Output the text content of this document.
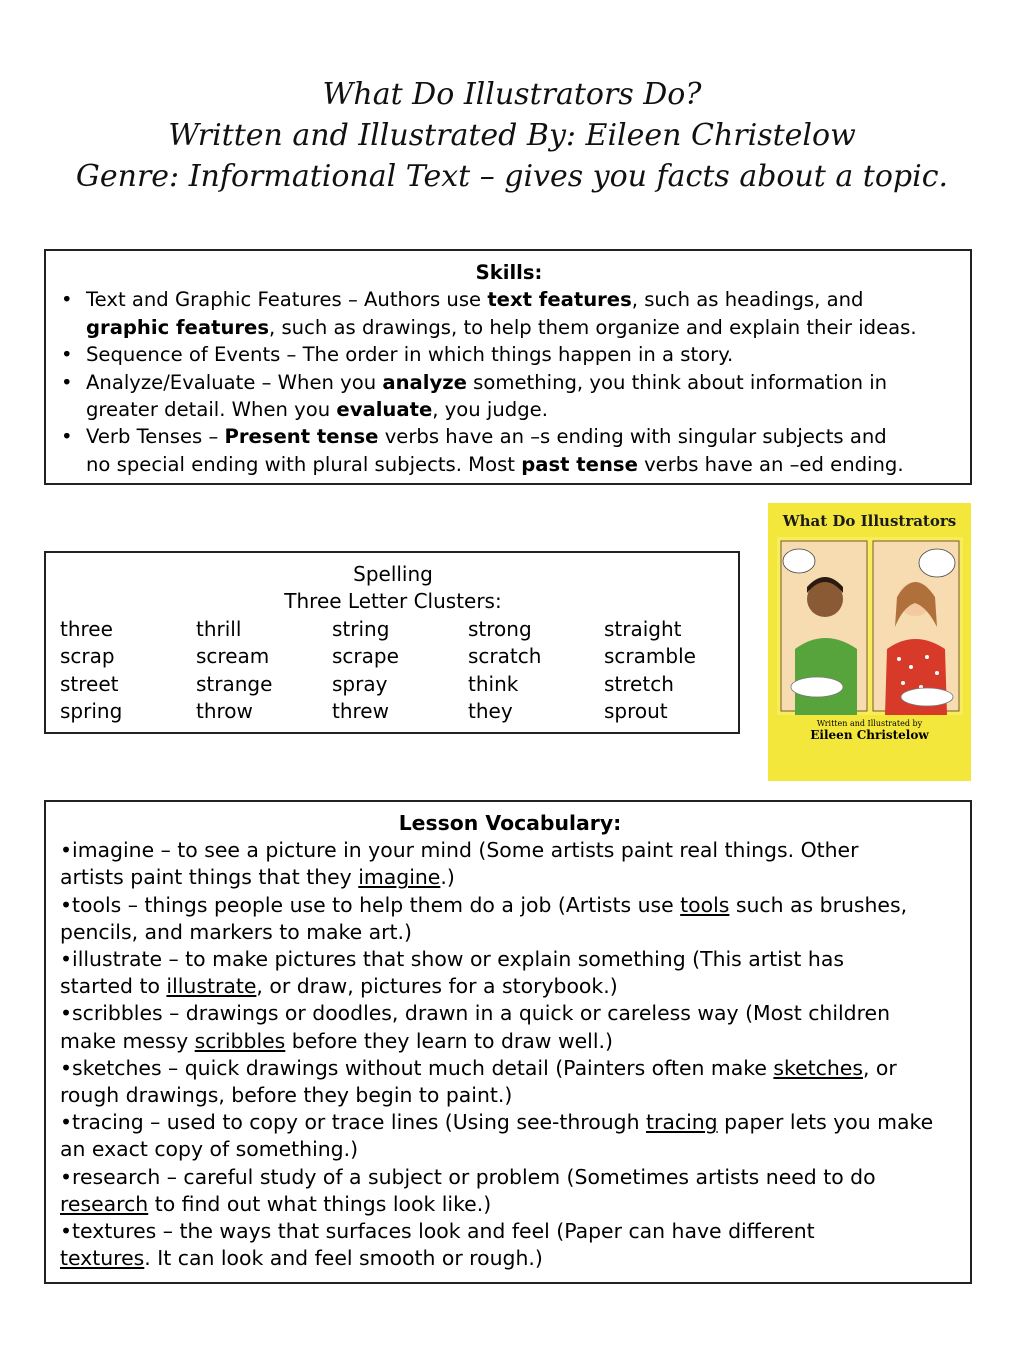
What Do Illustrators Do?
Written and Illustrated By: Eileen Christelow
Genre: Informational Text – gives you facts about a topic.
Skills:
• Text and Graphic Features – Authors use text features, such as headings, and
graphic features, such as drawings, to help them organize and explain their ideas.
• Sequence of Events – The order in which things happen in a story.
• Analyze/Evaluate – When you analyze something, you think about information in
greater detail. When you evaluate, you judge.
• Verb Tenses – Present tense verbs have an –s ending with singular subjects and
no special ending with plural subjects. Most past tense verbs have an –ed ending.
Spelling
Three Letter Clusters:
three	thrill	string	strong	straight
scrap	scream	scrape	scratch	scramble
street	strange	spray	think	stretch
spring	throw	threw	they	sprout
What Do Illustrators
Written and Illustrated by
Eileen Christelow
Lesson Vocabulary:
•imagine – to see a picture in your mind (Some artists paint real things. Other
artists paint things that they imagine.)
•tools – things people use to help them do a job (Artists use tools such as brushes,
pencils, and markers to make art.)
•illustrate – to make pictures that show or explain something (This artist has
started to illustrate, or draw, pictures for a storybook.)
•scribbles – drawings or doodles, drawn in a quick or careless way (Most children
make messy scribbles before they learn to draw well.)
•sketches – quick drawings without much detail (Painters often make sketches, or
rough drawings, before they begin to paint.)
•tracing – used to copy or trace lines (Using see-through tracing paper lets you make
an exact copy of something.)
•research – careful study of a subject or problem (Sometimes artists need to do
research to find out what things look like.)
•textures – the ways that surfaces look and feel (Paper can have different
textures. It can look and feel smooth or rough.)
